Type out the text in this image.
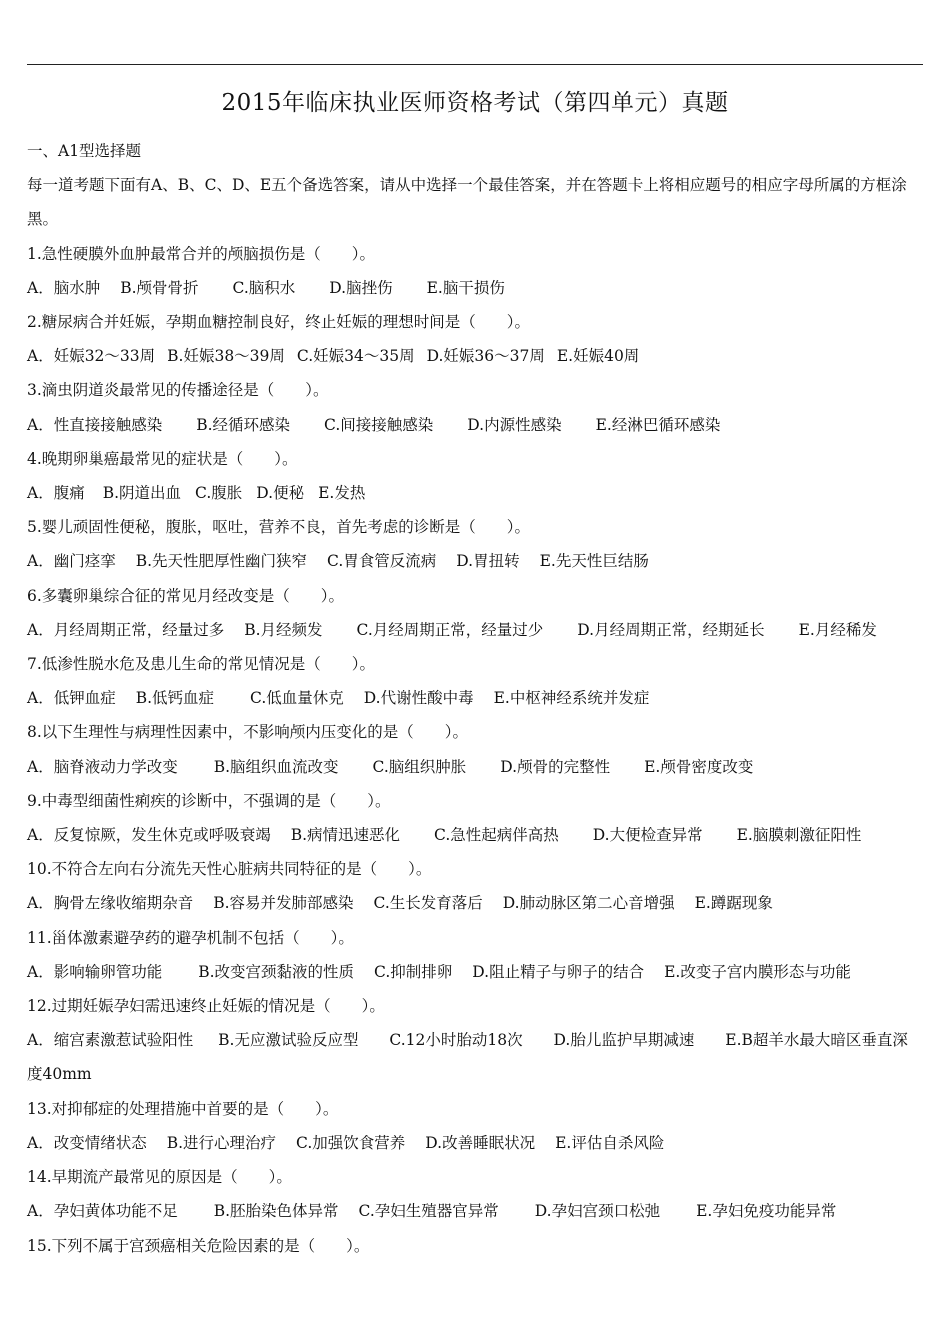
2015年临床执业医师资格考试（第四单元）真题
一、A1型选择题
每一道考题下面有A、B、C、D、E五个备选答案，请从中选择一个最佳答案，并在答题卡上将相应题号的相应字母所属的方框涂黑。
1.急性硬膜外血肿最常合并的颅脑损伤是（　　）。
A．脑水肿 B.颅骨骨折 C.脑积水 D.脑挫伤 E.脑干损伤
2.糖尿病合并妊娠，孕期血糖控制良好，终止妊娠的理想时间是（　　）。
A．妊娠32～33周 B.妊娠38～39周 C.妊娠34～35周 D.妊娠36～37周 E.妊娠40周
3.滴虫阴道炎最常见的传播途径是（　　）。
A．性直接接触感染 B.经循环感染 C.间接接触感染 D.内源性感染 E.经淋巴循环感染
4.晚期卵巢癌最常见的症状是（　　）。
A．腹痛 B.阴道出血 C.腹胀 D.便秘 E.发热
5.婴儿顽固性便秘，腹胀，呕吐，营养不良，首先考虑的诊断是（　　）。
A．幽门痉挛 B.先天性肥厚性幽门狭窄 C.胃食管反流病 D.胃扭转 E.先天性巨结肠
6.多囊卵巢综合征的常见月经改变是（　　）。
A．月经周期正常，经量过多 B.月经频发 C.月经周期正常，经量过少 D.月经周期正常，经期延长 E.月经稀发
7.低渗性脱水危及患儿生命的常见情况是（　　）。
A．低钾血症 B.低钙血症 C.低血量休克 D.代谢性酸中毒 E.中枢神经系统并发症
8.以下生理性与病理性因素中，不影响颅内压变化的是（　　）。
A．脑脊液动力学改变 B.脑组织血流改变 C.脑组织肿胀 D.颅骨的完整性 E.颅骨密度改变
9.中毒型细菌性痢疾的诊断中，不强调的是（　　）。
A．反复惊厥，发生休克或呼吸衰竭 B.病情迅速恶化 C.急性起病伴高热 D.大便检查异常 E.脑膜刺激征阳性
10.不符合左向右分流先天性心脏病共同特征的是（　　）。
A．胸骨左缘收缩期杂音 B.容易并发肺部感染 C.生长发育落后 D.肺动脉区第二心音增强 E.蹲踞现象
11.甾体激素避孕药的避孕机制不包括（　　）。
A．影响输卵管功能 B.改变宫颈黏液的性质 C.抑制排卵 D.阻止精子与卵子的结合 E.改变子宫内膜形态与功能
12.过期妊娠孕妇需迅速终止妊娠的情况是（　　）。
A．缩宫素激惹试验阳性 B.无应激试验反应型 C.12小时胎动18次 D.胎儿监护早期减速 E.B超羊水最大暗区垂直深度40mm
13.对抑郁症的处理措施中首要的是（　　）。
A．改变情绪状态 B.进行心理治疗 C.加强饮食营养 D.改善睡眠状况 E.评估自杀风险
14.早期流产最常见的原因是（　　）。
A．孕妇黄体功能不足 B.胚胎染色体异常 C.孕妇生殖器官异常 D.孕妇宫颈口松弛 E.孕妇免疫功能异常
15.下列不属于宫颈癌相关危险因素的是（　　）。
